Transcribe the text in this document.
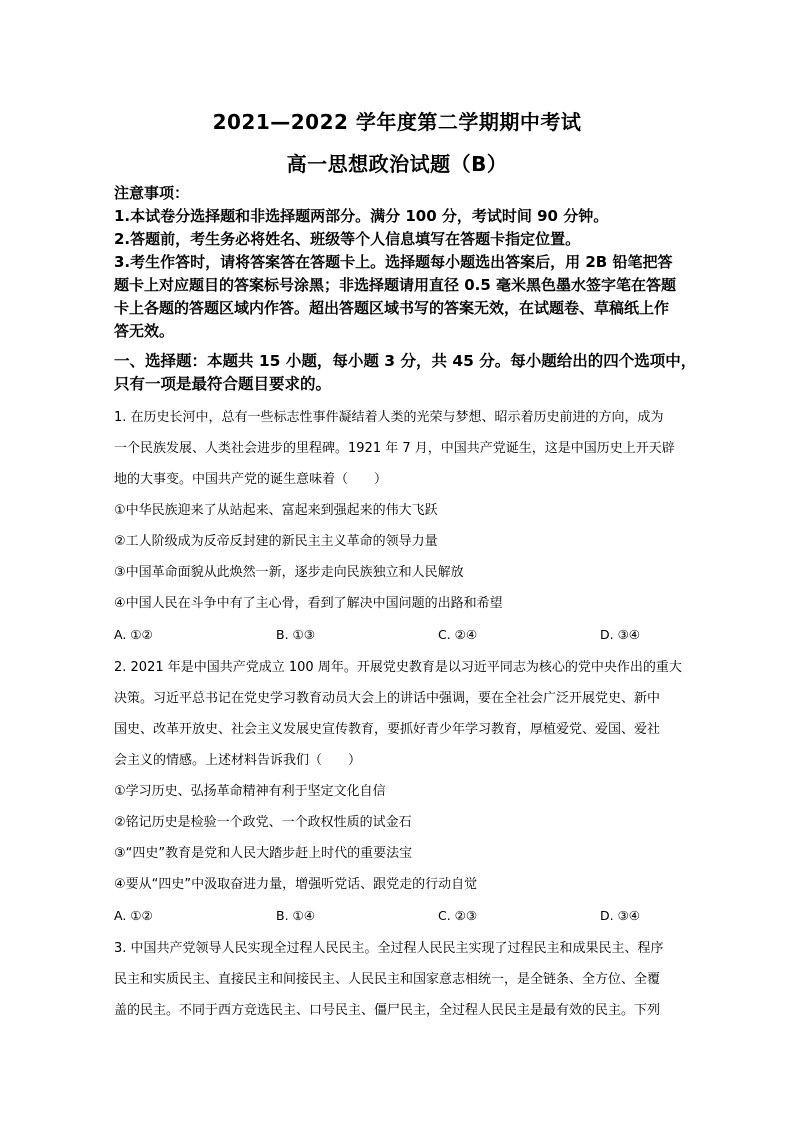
2021—2022 学年度第二学期期中考试
高一思想政治试题（B）
注意事项：
1.本试卷分选择题和非选择题两部分。满分 100 分，考试时间 90 分钟。
2.答题前，考生务必将姓名、班级等个人信息填写在答题卡指定位置。
3.考生作答时，请将答案答在答题卡上。选择题每小题选出答案后，用 2B 铅笔把答
题卡上对应题目的答案标号涂黑；非选择题请用直径 0.5 毫米黑色墨水签字笔在答题
卡上各题的答题区域内作答。超出答题区域书写的答案无效，在试题卷、草稿纸上作
答无效。
一、选择题：本题共 15 小题，每小题 3 分，共 45 分。每小题给出的四个选项中，
只有一项是最符合题目要求的。
1. 在历史长河中，总有一些标志性事件凝结着人类的光荣与梦想、昭示着历史前进的方向，成为
一个民族发展、人类社会进步的里程碑。1921 年 7 月，中国共产党诞生，这是中国历史上开天辟
地的大事变。中国共产党的诞生意味着（　　）
①中华民族迎来了从站起来、富起来到强起来的伟大飞跃
②工人阶级成为反帝反封建的新民主主义革命的领导力量
③中国革命面貌从此焕然一新，逐步走向民族独立和人民解放
④中国人民在斗争中有了主心骨，看到了解决中国问题的出路和希望
A. ①②	B. ①③	C. ②④	D. ③④
2. 2021 年是中国共产党成立 100 周年。开展党史教育是以习近平同志为核心的党中央作出的重大
决策。习近平总书记在党史学习教育动员大会上的讲话中强调，要在全社会广泛开展党史、新中
国史、改革开放史、社会主义发展史宣传教育，要抓好青少年学习教育，厚植爱党、爱国、爱社
会主义的情感。上述材料告诉我们（　　）
①学习历史、弘扬革命精神有利于坚定文化自信
②铭记历史是检验一个政党、一个政权性质的试金石
③“四史”教育是党和人民大踏步赶上时代的重要法宝
④要从“四史”中汲取奋进力量，增强听党话、跟党走的行动自觉
A. ①②	B. ①④	C. ②③	D. ③④
3. 中国共产党领导人民实现全过程人民民主。全过程人民民主实现了过程民主和成果民主、程序
民主和实质民主、直接民主和间接民主、人民民主和国家意志相统一，是全链条、全方位、全覆
盖的民主。不同于西方竞选民主、口号民主、僵尸民主，全过程人民民主是最有效的民主。下列
